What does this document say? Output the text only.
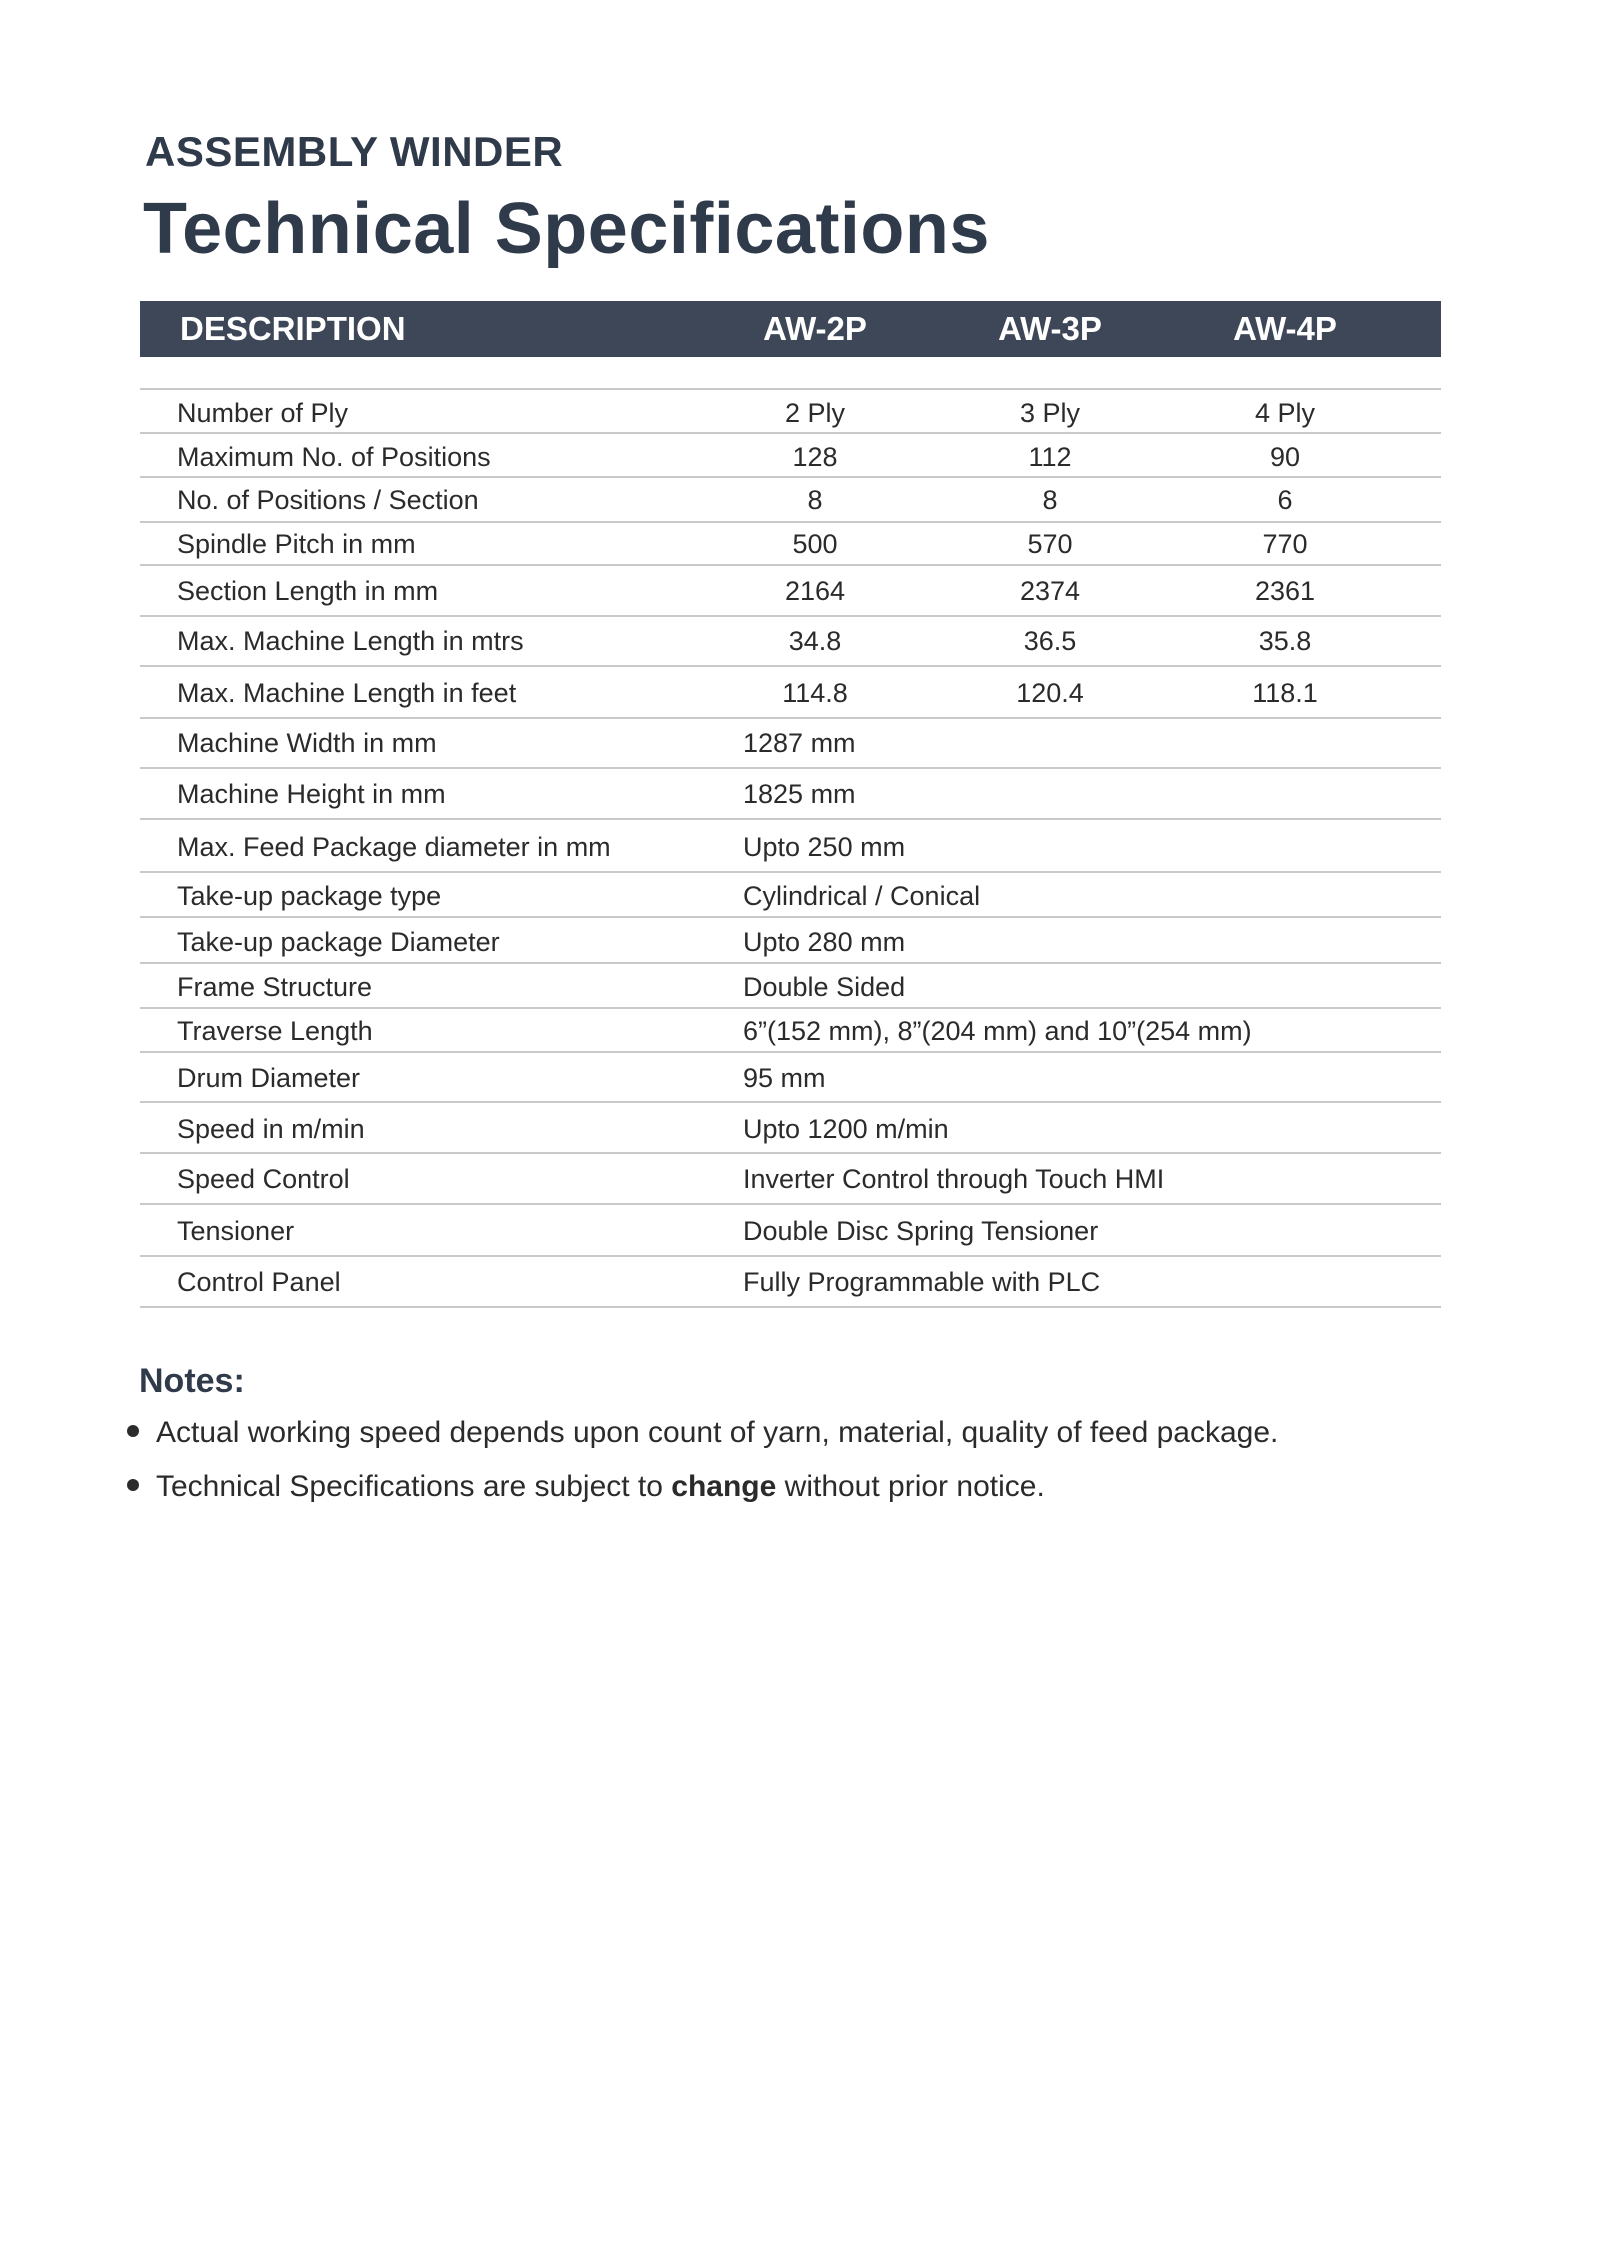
ASSEMBLY WINDER
Technical Specifications
DESCRIPTION	AW-2P	AW-3P	AW-4P
Number of Ply	2 Ply	3 Ply	4 Ply
Maximum No. of Positions	128	112	90
No. of Positions / Section	8	8	6
Spindle Pitch in mm	500	570	770
Section Length in mm	2164	2374	2361
Max. Machine Length in mtrs	34.8	36.5	35.8
Max. Machine Length in feet	114.8	120.4	118.1
Machine Width in mm	1287 mm
Machine Height in mm	1825 mm
Max. Feed Package diameter in mm	Upto 250 mm
Take-up package type	Cylindrical / Conical
Take-up package Diameter	Upto 280 mm
Frame Structure	Double Sided
Traverse Length	6”(152 mm), 8”(204 mm) and 10”(254 mm)
Drum Diameter	95 mm
Speed in m/min	Upto 1200 m/min
Speed Control	Inverter Control through Touch HMI
Tensioner	Double Disc Spring Tensioner
Control Panel	Fully Programmable with PLC
Notes:
Actual working speed depends upon count of yarn, material, quality of feed package.
Technical Specifications are subject to change without prior notice.
